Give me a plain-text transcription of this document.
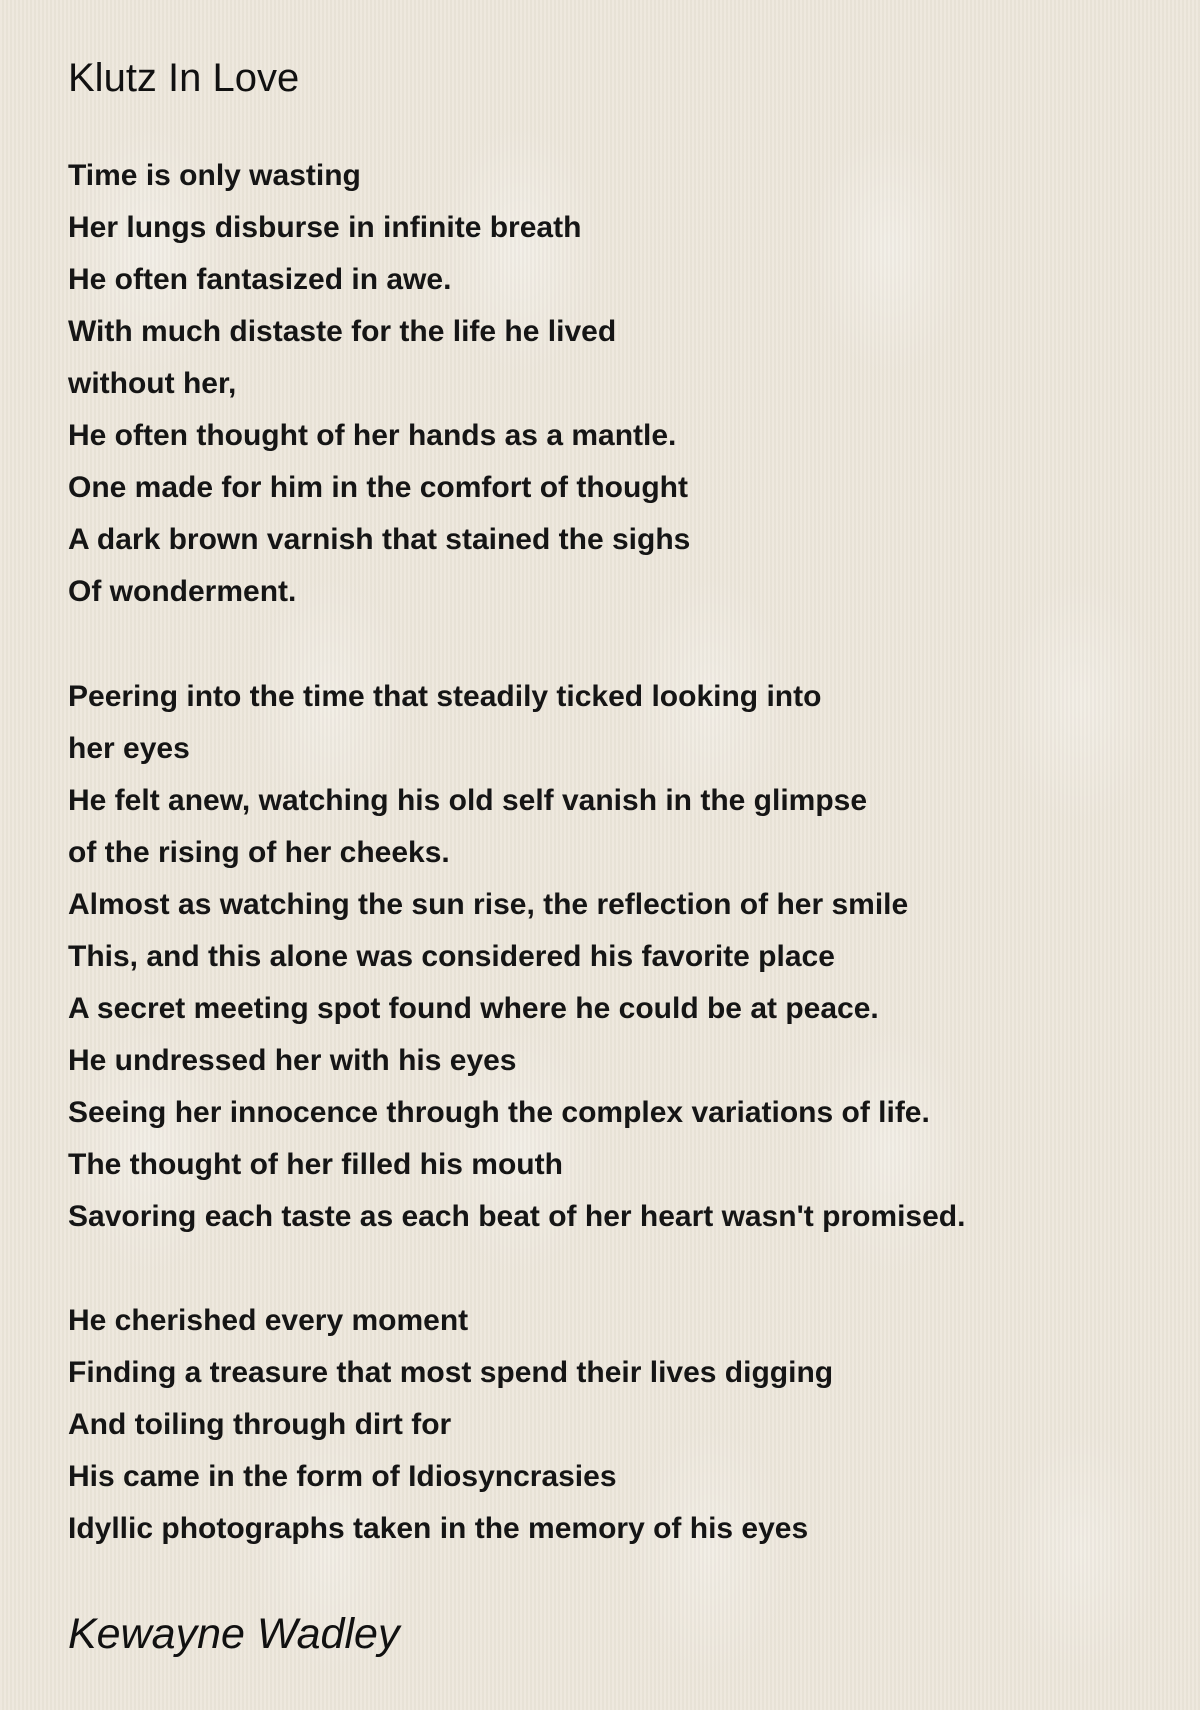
Klutz In Love
Time is only wasting
Her lungs disburse in infinite breath
He often fantasized in awe.
With much distaste for the life he lived
without her,
He often thought of her hands as a mantle.
One made for him in the comfort of thought
A dark brown varnish that stained the sighs
Of wonderment.
Peering into the time that steadily ticked looking into
her eyes
He felt anew, watching his old self vanish in the glimpse
of the rising of her cheeks.
Almost as watching the sun rise, the reflection of her smile
This, and this alone was considered his favorite place
A secret meeting spot found where he could be at peace.
He undressed her with his eyes
Seeing her innocence through the complex variations of life.
The thought of her filled his mouth
Savoring each taste as each beat of her heart wasn't promised.
He cherished every moment
Finding a treasure that most spend their lives digging
And toiling through dirt for
His came in the form of Idiosyncrasies
Idyllic photographs taken in the memory of his eyes
Kewayne Wadley
